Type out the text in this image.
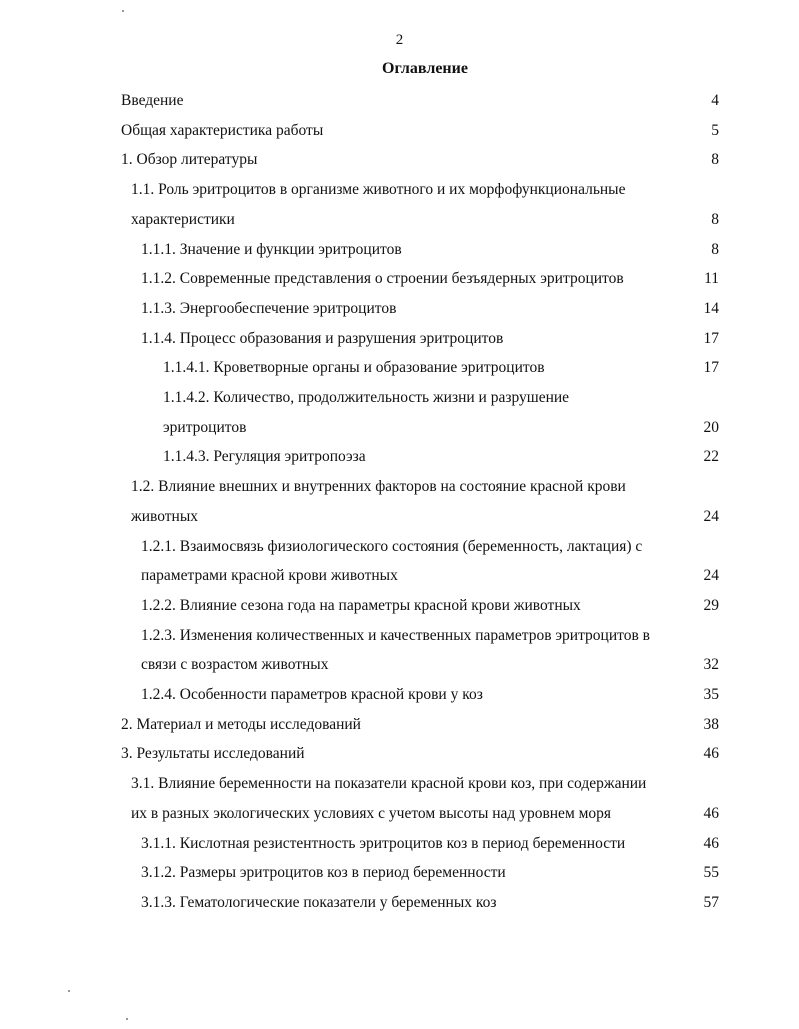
2
Оглавление
Введение	4
Общая характеристика работы	5
1. Обзор литературы	8
1.1. Роль эритроцитов в организме животного и их морфофункциональные
характеристики	8
1.1.1. Значение и функции эритроцитов	8
1.1.2. Современные представления о строении безъядерных эритроцитов	11
1.1.3. Энергообеспечение эритроцитов	14
1.1.4. Процесс образования и разрушения эритроцитов	17
1.1.4.1. Кроветворные органы и образование эритроцитов	17
1.1.4.2. Количество, продолжительность жизни и разрушение
эритроцитов	20
1.1.4.3. Регуляция эритропоэза	22
1.2. Влияние внешних и внутренних факторов на состояние красной крови
животных	24
1.2.1. Взаимосвязь физиологического состояния (беременность, лактация) с
параметрами красной крови животных	24
1.2.2. Влияние сезона года на параметры красной крови животных	29
1.2.3. Изменения количественных и качественных параметров эритроцитов в
связи с возрастом животных	32
1.2.4. Особенности параметров красной крови у коз	35
2. Материал и методы исследований	38
3. Результаты исследований	46
3.1. Влияние беременности на показатели красной крови коз, при содержании
их в разных экологических условиях с учетом высоты над уровнем моря	46
3.1.1. Кислотная резистентность эритроцитов коз в период беременности	46
3.1.2. Размеры эритроцитов коз в период беременности	55
3.1.3. Гематологические показатели у беременных коз	57
